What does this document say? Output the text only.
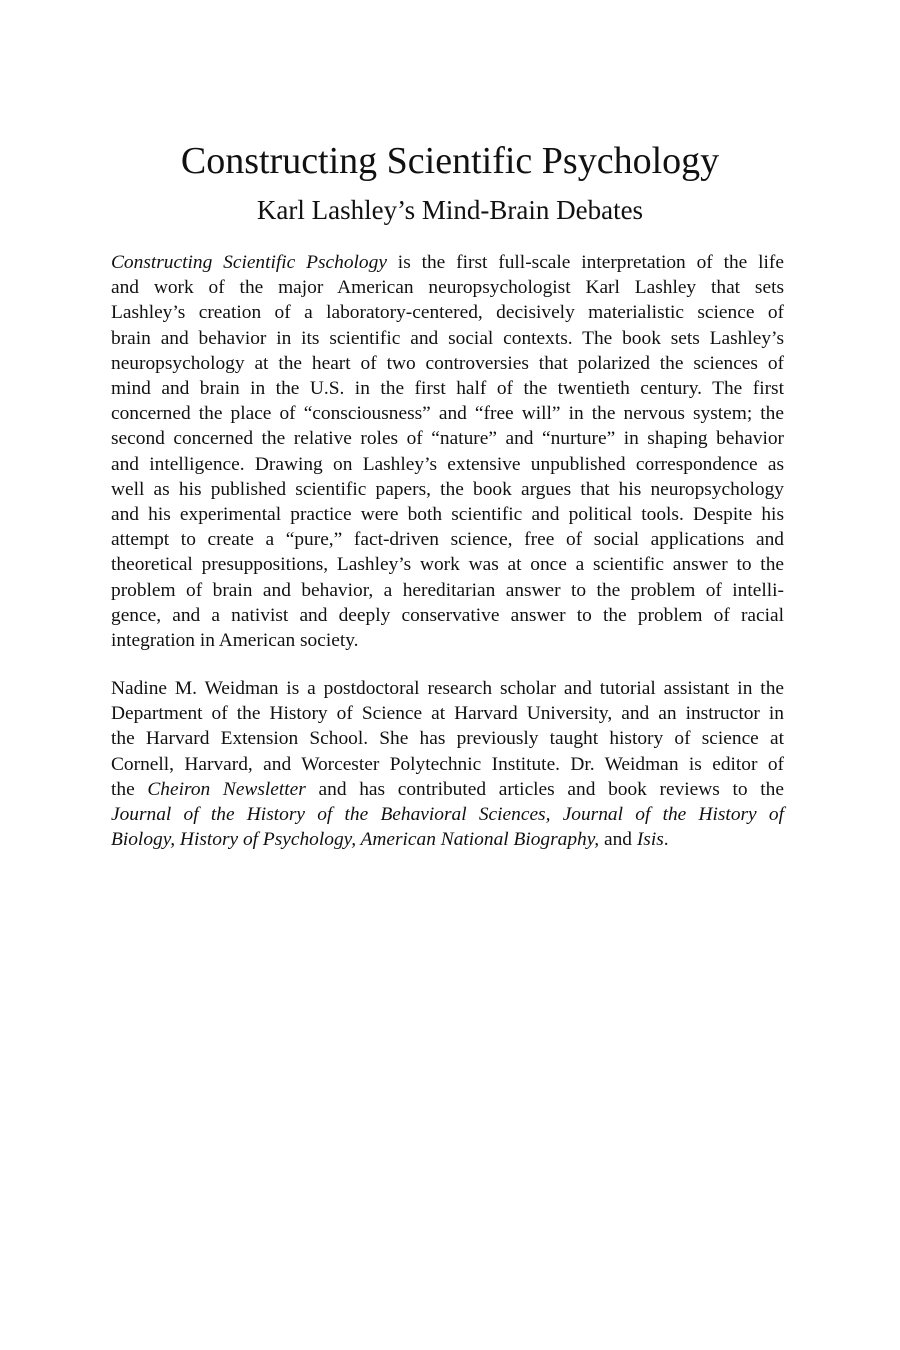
Constructing Scientific Psychology
Karl Lashley’s Mind-Brain Debates
Constructing Scientific Pschology is the first full-scale interpretation of the life
and work of the major American neuropsychologist Karl Lashley that sets
Lashley’s creation of a laboratory-centered, decisively materialistic science of
brain and behavior in its scientific and social contexts. The book sets Lashley’s
neuropsychology at the heart of two controversies that polarized the sciences of
mind and brain in the U.S. in the first half of the twentieth century. The first
concerned the place of “consciousness” and “free will” in the nervous system; the
second concerned the relative roles of “nature” and “nurture” in shaping behavior
and intelligence. Drawing on Lashley’s extensive unpublished correspondence as
well as his published scientific papers, the book argues that his neuropsychology
and his experimental practice were both scientific and political tools. Despite his
attempt to create a “pure,” fact-driven science, free of social applications and
theoretical presuppositions, Lashley’s work was at once a scientific answer to the
problem of brain and behavior, a hereditarian answer to the problem of intelli-
gence, and a nativist and deeply conservative answer to the problem of racial
integration in American society.
Nadine M. Weidman is a postdoctoral research scholar and tutorial assistant in the
Department of the History of Science at Harvard University, and an instructor in
the Harvard Extension School. She has previously taught history of science at
Cornell, Harvard, and Worcester Polytechnic Institute. Dr. Weidman is editor of
the Cheiron Newsletter and has contributed articles and book reviews to the
Journal of the History of the Behavioral Sciences, Journal of the History of
Biology, History of Psychology, American National Biography, and Isis.
